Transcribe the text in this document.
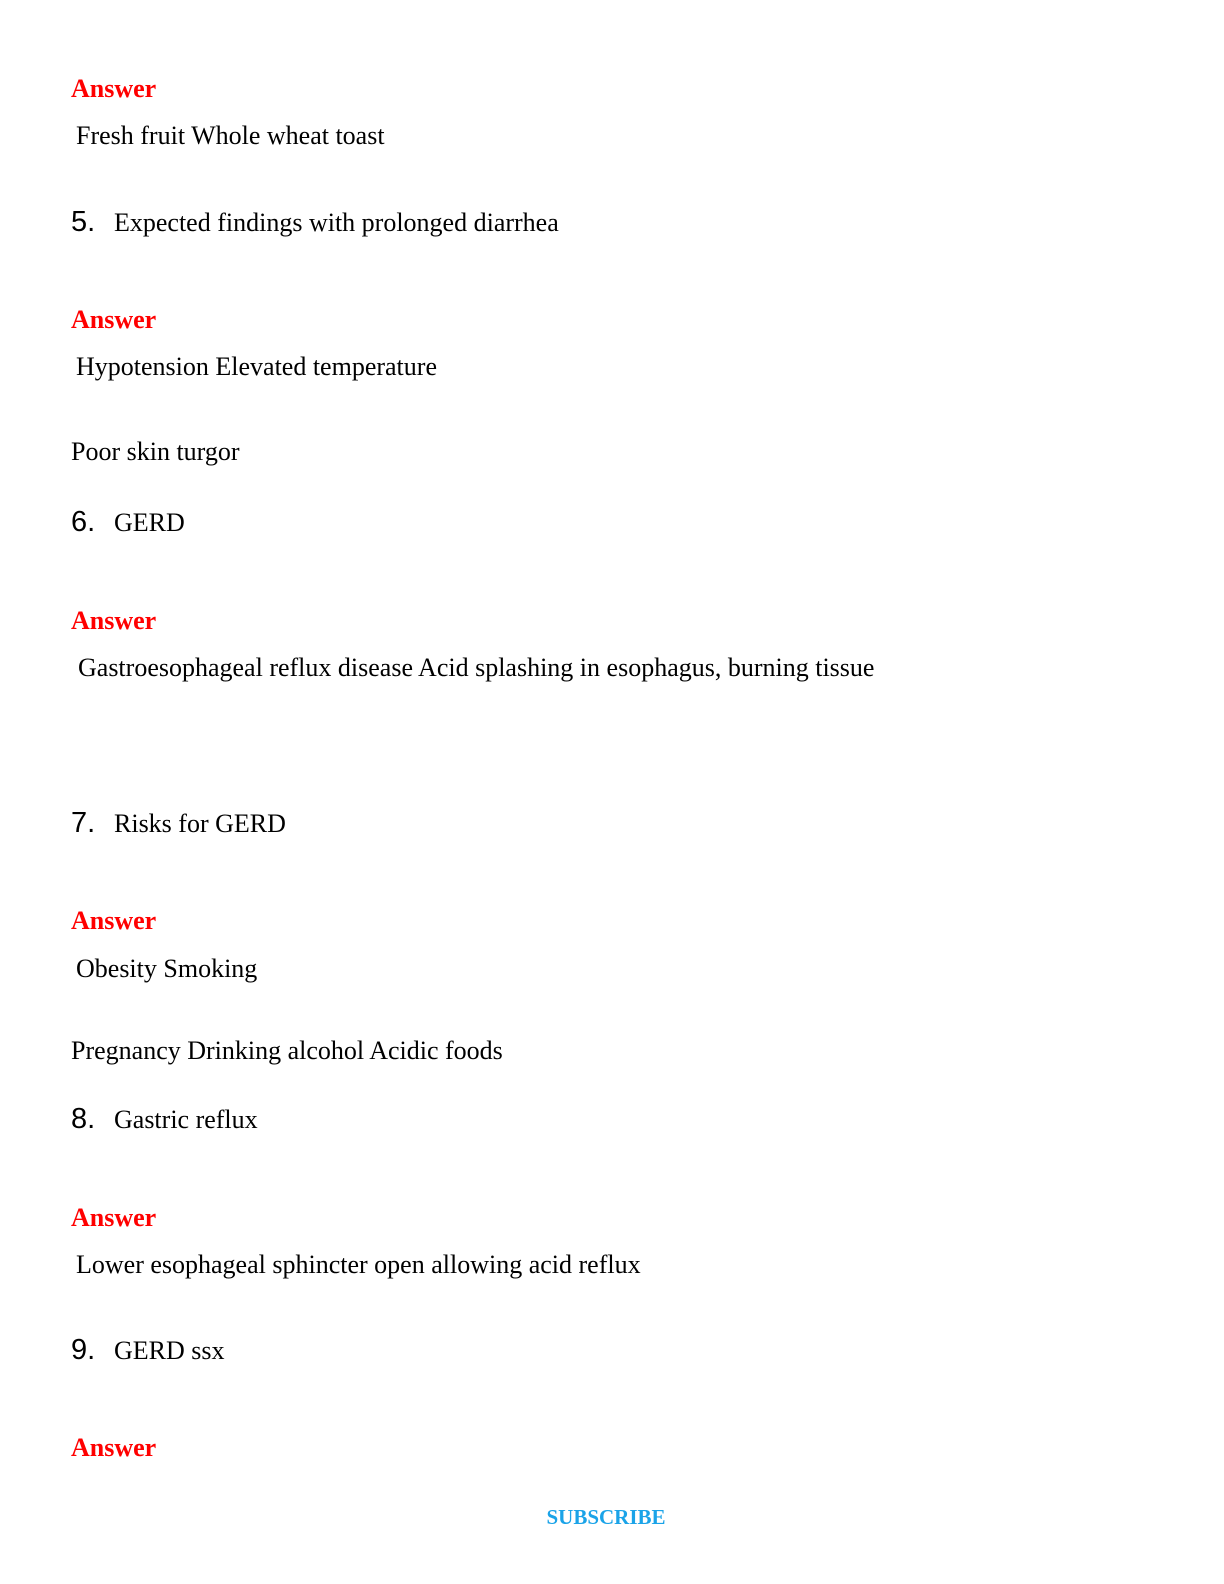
Answer
Fresh fruit Whole wheat toast
5. Expected findings with prolonged diarrhea
Answer
Hypotension Elevated temperature
Poor skin turgor
6. GERD
Answer
Gastroesophageal reflux disease Acid splashing in esophagus, burning tissue
7. Risks for GERD
Answer
Obesity Smoking
Pregnancy Drinking alcohol Acidic foods
8. Gastric reflux
Answer
Lower esophageal sphincter open allowing acid reflux
9. GERD ssx
Answer
SUBSCRIBE
